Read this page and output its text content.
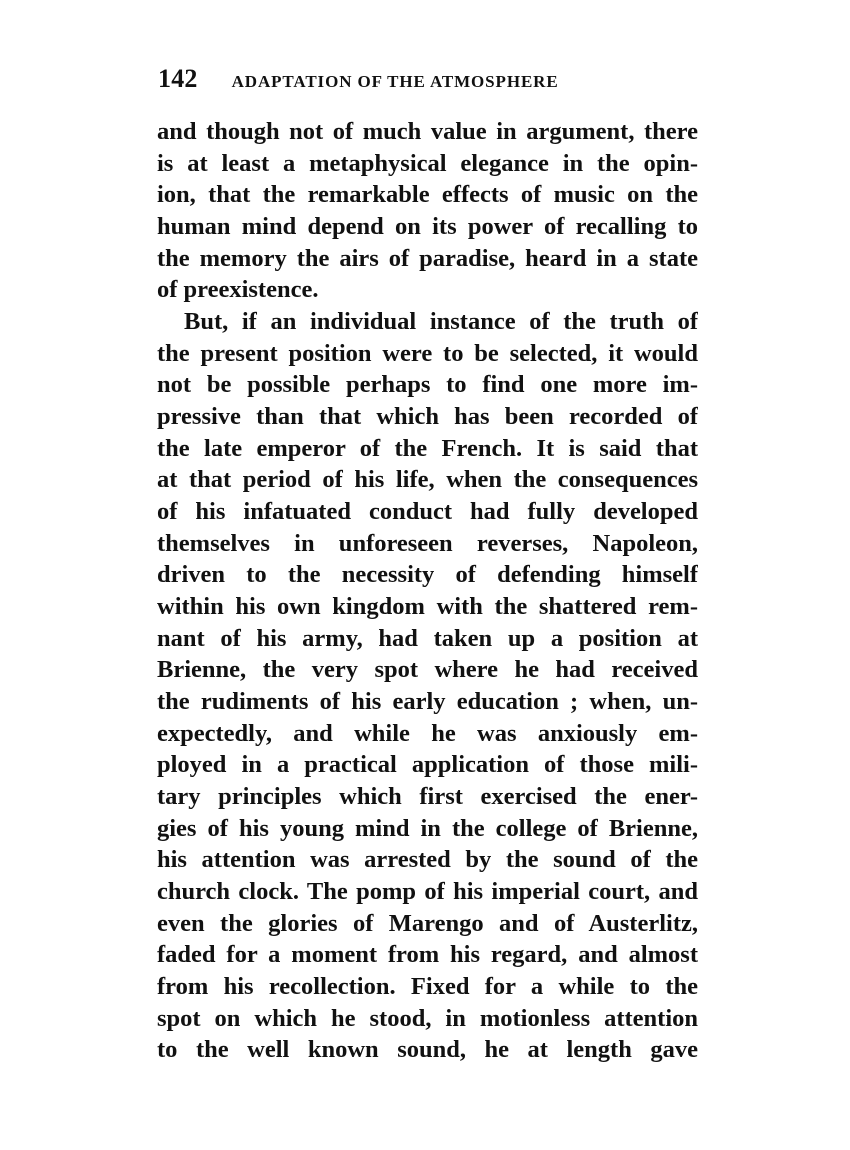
142 ADAPTATION OF THE ATMOSPHERE
and though not of much value in argument, there
is at least a metaphysical elegance in the opin-
ion, that the remarkable effects of music on the
human mind depend on its power of recalling to
the memory the airs of paradise, heard in a state
of preexistence.
But, if an individual instance of the truth of
the present position were to be selected, it would
not be possible perhaps to find one more im-
pressive than that which has been recorded of
the late emperor of the French. It is said that
at that period of his life, when the consequences
of his infatuated conduct had fully developed
themselves in unforeseen reverses, Napoleon,
driven to the necessity of defending himself
within his own kingdom with the shattered rem-
nant of his army, had taken up a position at
Brienne, the very spot where he had received
the rudiments of his early education ; when, un-
expectedly, and while he was anxiously em-
ployed in a practical application of those mili-
tary principles which first exercised the ener-
gies of his young mind in the college of Brienne,
his attention was arrested by the sound of the
church clock. The pomp of his imperial court, and
even the glories of Marengo and of Austerlitz,
faded for a moment from his regard, and almost
from his recollection. Fixed for a while to the
spot on which he stood, in motionless attention
to the well known sound, he at length gave
